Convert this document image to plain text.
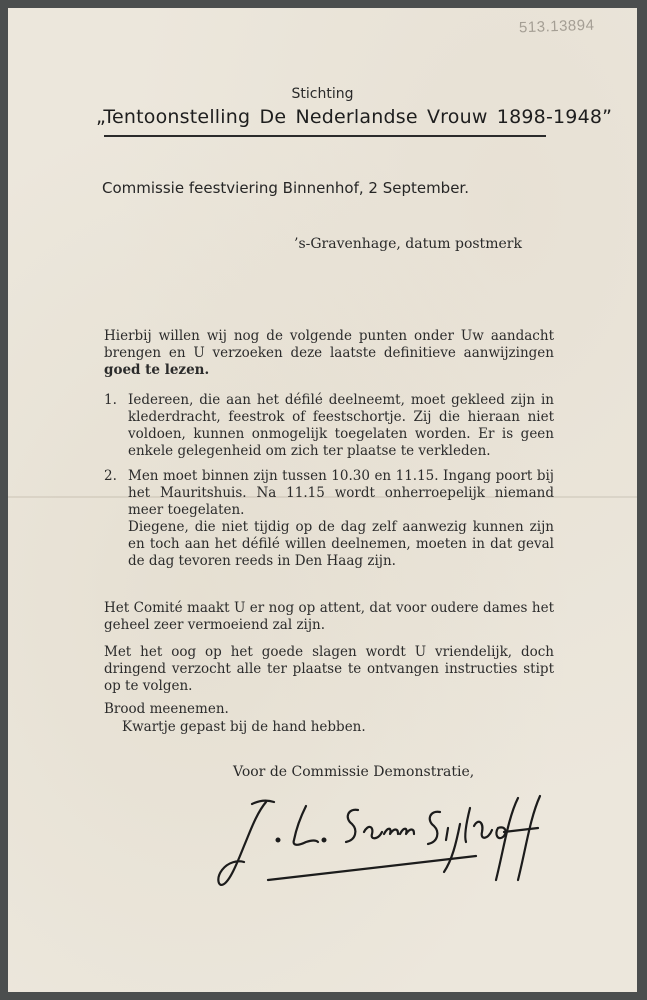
513.13894
Stichting
„Tentoonstelling De Nederlandse Vrouw 1898-1948”
Commissie feestviering Binnenhof, 2 September.
’s-Gravenhage, datum postmerk
Hierbij willen wij nog de volgende punten onder Uw aandacht brengen en U verzoeken deze laatste definitieve aanwijzingen goed te lezen.
1. Iedereen, die aan het défilé deelneemt, moet gekleed zijn in klederdracht, feestrok of feestschortje. Zij die hieraan niet voldoen, kunnen onmogelijk toegelaten worden. Er is geen enkele gelegenheid om zich ter plaatse te verkleden.
2. Men moet binnen zijn tussen 10.30 en 11.15. Ingang poort bij het Mauritshuis. Na 11.15 wordt onherroepelijk niemand meer toegelaten.
Diegene, die niet tijdig op de dag zelf aanwezig kunnen zijn en toch aan het défilé willen deelnemen, moeten in dat geval de dag tevoren reeds in Den Haag zijn.
Het Comité maakt U er nog op attent, dat voor oudere dames het geheel zeer vermoeiend zal zijn.
Met het oog op het goede slagen wordt U vriendelijk, doch dringend verzocht alle ter plaatse te ontvangen instructies stipt op te volgen.
Brood meenemen.
Kwartje gepast bij de hand hebben.
Voor de Commissie Demonstratie,
